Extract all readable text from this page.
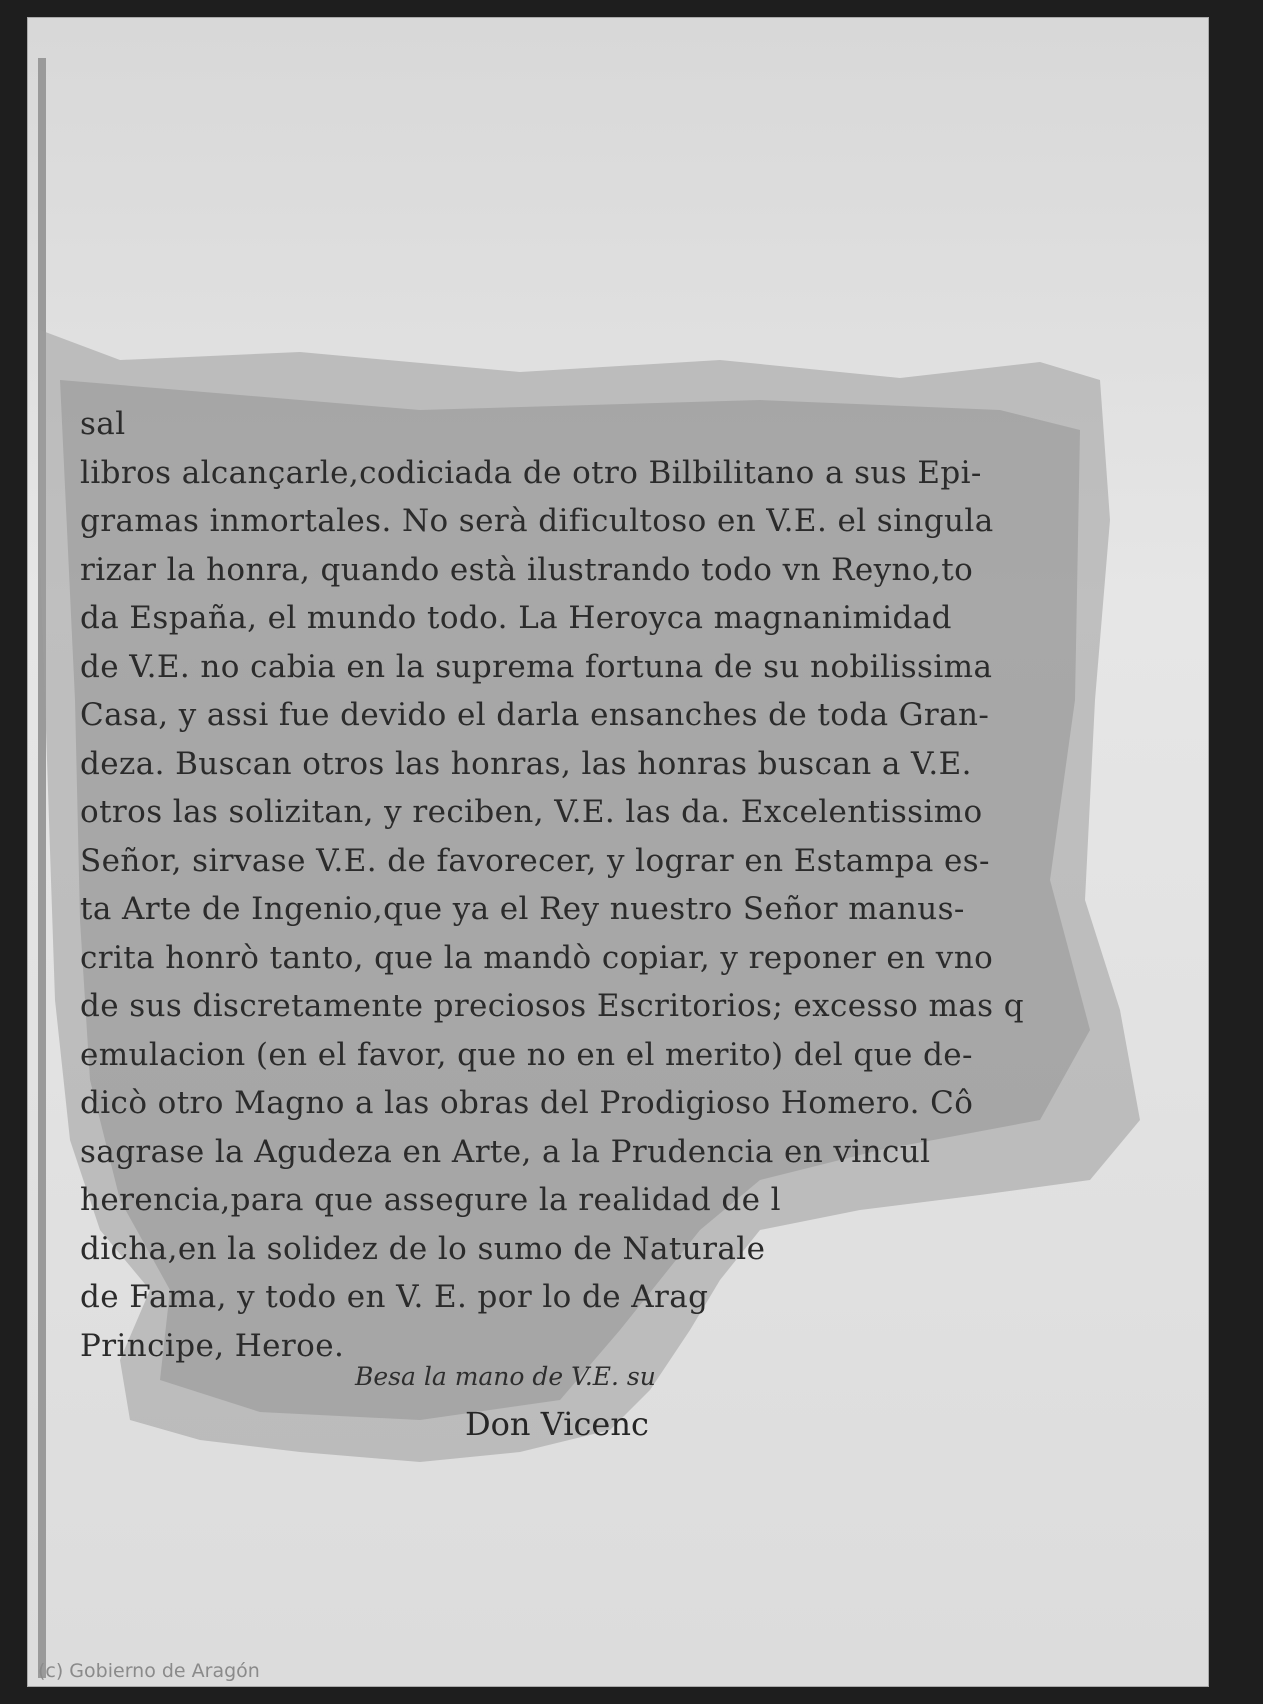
sal
libros alcançarle,codiciada de otro Bilbilitano a sus Epi-
gramas inmortales. No serà dificultoso en V.E. el singula
rizar la honra, quando està ilustrando todo vn Reyno,to
da España, el mundo todo. La Heroyca magnanimidad
de V.E. no cabia en la suprema fortuna de su nobilissima
Casa, y assi fue devido el darla ensanches de toda Gran-
deza. Buscan otros las honras, las honras buscan a V.E.
otros las solizitan, y reciben, V.E. las da. Excelentissimo
Señor, sirvase V.E. de favorecer, y lograr en Estampa es-
ta Arte de Ingenio,que ya el Rey nuestro Señor manus-
crita honrò tanto, que la mandò copiar, y reponer en vno
de sus discretamente preciosos Escritorios; excesso mas q
emulacion (en el favor, que no en el merito) del que de-
dicò otro Magno a las obras del Prodigioso Homero. Cô
sagrase la Agudeza en Arte, a la Prudencia en vincul
herencia,para que assegure la realidad de l
dicha,en la solidez de lo sumo de Naturale
de Fama, y todo en V. E. por lo de Arag
Principe, Heroe.
Besa la mano de V.E. su
Don Vicenc
(c) Gobierno de Aragón
